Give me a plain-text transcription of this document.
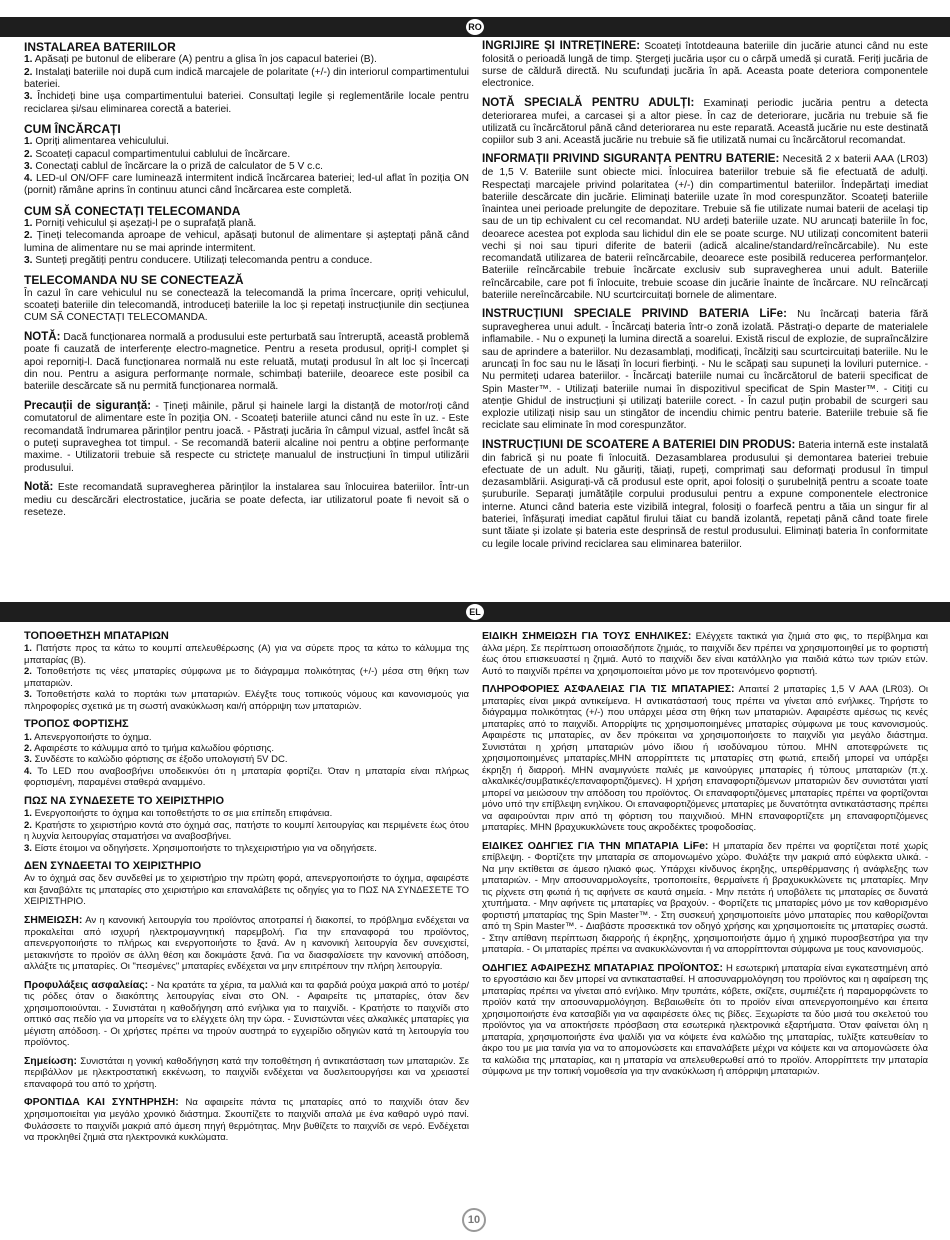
RO
INSTALAREA BATERIILOR
1. Apăsați pe butonul de eliberare (A) pentru a glisa în jos capacul bateriei (B).
2. Instalați bateriile noi după cum indică marcajele de polaritate (+/-) din interiorul compartimentului bateriei.
3. Închideți bine ușa compartimentului bateriei. Consultați legile și reglementările locale pentru reciclarea și/sau eliminarea corectă a bateriei.
CUM ÎNCĂRCAȚI
1. Opriți alimentarea vehiculului.
2. Scoateți capacul compartimentului cablului de încărcare.
3. Conectați cablul de încărcare la o priză de calculator de 5 V c.c.
4. LED-ul ON/OFF care luminează intermitent indică încărcarea bateriei; led-ul aflat în poziția ON (pornit) rămâne aprins în continuu atunci când încărcarea este completă.
CUM SĂ CONECTAȚI TELECOMANDA
1. Porniți vehiculul și așezați-l pe o suprafață plană.
2. Țineți telecomanda aproape de vehicul, apăsați butonul de alimentare și așteptați până când lumina de alimentare nu se mai aprinde intermitent.
3. Sunteți pregătiți pentru conducere. Utilizați telecomanda pentru a conduce.
TELECOMANDA NU SE CONECTEAZĂ

În cazul în care vehiculul nu se conectează la telecomandă la prima încercare, opriți vehiculul, scoateți bateriile din telecomandă, introduceți bateriile la loc și repetați instrucțiunile din secțiunea CUM SĂ CONECTAȚI TELECOMANDA.

NOTĂ: Dacă funcționarea normală a produsului este perturbată sau întreruptă, această problemă poate fi cauzată de interferențe electro-magnetice. Pentru a reseta produsul, opriți-l complet și apoi reporniți-l. Dacă funcționarea normală nu este reluată, mutați produsul în alt loc și încercați din nou. Pentru a asigura performanțe normale, schimbați bateriile, deoarece este posibil ca bateriile descărcate să nu permită funcționarea normală.

Precauții de siguranță: - Țineți mâinile, părul și hainele largi la distanță de motor/roți când comutatorul de alimentare este în poziția ON. - Scoateți bateriile atunci când nu este în uz. - Este recomandată îndrumarea părinților pentru joacă. - Păstrați jucăria în câmpul vizual, astfel încât să o puteți supraveghea tot timpul. - Se recomandă baterii alcaline noi pentru a obține performanțe maxime. - Utilizatorii trebuie să respecte cu strictețe manualul de instrucțiuni în timpul utilizării produsului.

Notă: Este recomandată supravegherea părinților la instalarea sau înlocuirea bateriilor. Într-un mediu cu descărcări electrostatice, jucăria se poate defecta, iar utilizatorul poate fi nevoit să o reseteze.

ÎNGRIJIRE ȘI ÎNTREȚINERE: Scoateți întotdeauna bateriile din jucărie atunci când nu este folosită o perioadă lungă de timp. Ștergeți jucăria ușor cu o cârpă umedă și curată. Feriți jucăria de surse de căldură directă. Nu scufundați jucăria în apă. Aceasta poate deteriora componentele electronice.

NOTĂ SPECIALĂ PENTRU ADULȚI: Examinați periodic jucăria pentru a detecta deteriorarea mufei, a carcasei și a altor piese. În caz de deteriorare, jucăria nu trebuie să fie utilizată cu încărcătorul până când deteriorarea nu este reparată. Această jucărie nu este destinată copiilor sub 3 ani. Această jucărie nu trebuie să fie utilizată numai cu încărcătorul recomandat.

INFORMAȚII PRIVIND SIGURANȚA PENTRU BATERIE: Necesită 2 x baterii AAA (LR03) de 1,5 V. Bateriile sunt obiecte mici. Înlocuirea bateriilor trebuie să fie efectuată de adulți. Respectați marcajele privind polaritatea (+/-) din compartimentul bateriilor. Îndepărtați imediat bateriile descărcate din jucărie. Eliminați bateriile uzate în mod corespunzător. Scoateți bateriile înaintea unei perioade prelungite de depozitare. Trebuie să fie utilizate numai baterii de același tip sau de un tip echivalent cu cel recomandat. NU ardeți bateriile uzate. NU aruncați bateriile în foc, deoarece acestea pot exploda sau lichidul din ele se poate scurge. NU utilizați concomitent baterii vechi și noi sau tipuri diferite de baterii (adică alcaline/standard/reîncărcabile). Nu este recomandată utilizarea de baterii reîncărcabile, deoarece este posibilă reducerea performanțelor. Bateriile reîncărcabile trebuie încărcate exclusiv sub supravegherea unui adult. Bateriile reîncărcabile, care pot fi înlocuite, trebuie scoase din jucărie înainte de încărcare. NU reîncărcați bateriile nereîncărcabile. NU scurtcircuitați bornele de alimentare.

INSTRUCȚIUNI SPECIALE PRIVIND BATERIA LiFe: Nu încărcați bateria fără supravegherea unui adult. - Încărcați bateria într-o zonă izolată. Păstrați-o departe de materialele inflamabile. - Nu o expuneți la lumina directă a soarelui. Există riscul de explozie, de supraîncălzire sau de aprindere a bateriilor. Nu dezasamblați, modificați, încălziți sau scurtcircuitați bateriile. Nu le aruncați în foc sau nu le lăsați în locuri fierbinți. - Nu le scăpați sau supuneți la loviluri puternice. - Nu permiteți udarea bateriilor. - Încărcați bateriile numai cu încărcătorul de baterii specificat de Spin Master™. - Utilizați bateriile numai în dispozitivul specificat de Spin Master™. - Citiți cu atenție Ghidul de instrucțiuni și utilizați bateriile corect. - În cazul puțin probabil de scurgeri sau explozie utilizați nisip sau un stingător de incendiu chimic pentru baterie. Bateriile trebuie să fie reciclate sau eliminate în mod corespunzător.

INSTRUCȚIUNI DE SCOATERE A BATERIEI DIN PRODUS: Bateria internă este instalată din fabrică și nu poate fi înlocuită. Dezasamblarea produsului și demontarea bateriei trebuie efectuate de un adult. Nu găuriți, tăiați, rupeți, comprimați sau deformați produsul în timpul dezasamblării. Asigurați-vă că produsul este oprit, apoi folosiți o șurubelniță pentru a scoate toate șuruburile. Separați jumătățile corpului produsului pentru a expune componentele electronice interne. Atunci când bateria este vizibilă integral, folosiți o foarfecă pentru a tăia un singur fir al bateriei, înfășurați imediat capătul firului tăiat cu bandă izolantă, repetați până când toate firele sunt tăiate și izolate și bateria este desprinsă de restul produsului. Eliminați bateria în conformitate cu legile locale privind reciclarea sau eliminarea bateriilor.

EL
ΤΟΠΟΘΕΤΗΣΗ ΜΠΑΤΑΡΙΩΝ
1. Πατήστε προς τα κάτω το κουμπί απελευθέρωσης (A) για να σύρετε προς τα κάτω το κάλυμμα της μπαταρίας (B).
2. Τοποθετήστε τις νέες μπαταρίες σύμφωνα με το διάγραμμα πολικότητας (+/-) μέσα στη θήκη των μπαταριών.
3. Τοποθετήστε καλά το πορτάκι των μπαταριών. Ελέγξτε τους τοπικούς νόμους και κανονισμούς για πληροφορίες σχετικά με τη σωστή ανακύκλωση και/ή απόρριψη των μπαταριών.
ΤΡΟΠΟΣ ΦΟΡΤΙΣΗΣ
1. Απενεργοποιήστε το όχημα.
2. Αφαιρέστε το κάλυμμα από το τμήμα καλωδίου φόρτισης.
3. Συνδέστε το καλώδιο φόρτισης σε έξοδο υπολογιστή 5V DC.
4. Το LED που αναβοσβήνει υποδεικνύει ότι η μπαταρία φορτίζει. Όταν η μπαταρία είναι πλήρως φορτισμένη, παραμένει σταθερά αναμμένο.
ΠΩΣ ΝΑ ΣΥΝΔΕΣΕΤΕ ΤΟ ΧΕΙΡΙΣΤΗΡΙΟ
1. Ενεργοποιήστε το όχημα και τοποθετήστε το σε μια επίπεδη επιφάνεια.
2. Κρατήστε το χειριστήριο κοντά στο όχημά σας, πατήστε το κουμπί λειτουργίας και περιμένετε έως ότου η λυχνία λειτουργίας σταματήσει να αναβοσβήνει.
3. Είστε έτοιμοι να οδηγήσετε. Χρησιμοποιήστε το τηλεχειριστήριο για να οδηγήσετε.
ΔΕΝ ΣΥΝΔΕΕΤΑΙ ΤΟ ΧΕΙΡΙΣΤΗΡΙΟ

Αν το όχημά σας δεν συνδεθεί με το χειριστήριο την πρώτη φορά, απενεργοποιήστε το όχημα, αφαιρέστε και ξαναβάλτε τις μπαταρίες στο χειριστήριο και επαναλάβετε τις οδηγίες για το ΠΩΣ ΝΑ ΣΥΝΔΕΣΕΤΕ ΤΟ ΧΕΙΡΙΣΤΗΡΙΟ.

ΣΗΜΕΙΩΣΗ: Αν η κανονική λειτουργία του προϊόντος αποτραπεί ή διακοπεί, το πρόβλημα ενδέχεται να προκαλείται από ισχυρή ηλεκτρομαγνητική παρεμβολή. Για την επαναφορά του προϊόντος, απενεργοποιήστε το πλήρως και ενεργοποιήστε το ξανά. Αν η κανονική λειτουργία δεν συνεχιστεί, μετακινήστε το προϊόν σε άλλη θέση και δοκιμάστε ξανά. Για να διασφαλίσετε την κανονική απόδοση, αλλάξτε τις μπαταρίες. Οι "πεσμένες" μπαταρίες ενδέχεται να μην επιτρέπουν την πλήρη λειτουργία.

Προφυλάξεις ασφαλείας: - Να κρατάτε τα χέρια, τα μαλλιά και τα φαρδιά ρούχα μακριά από το μοτέρ/ τις ρόδες όταν ο διακόπτης λειτουργίας είναι στο ON. - Αφαιρείτε τις μπαταρίες, όταν δεν χρησιμοποιούνται. - Συνιστάται η καθοδήγηση από ενήλικα για το παιχνίδι. - Κρατήστε το παιχνίδι στο οπτικό σας πεδίο για να μπορείτε να το ελέγχετε όλη την ώρα. - Συνιστώνται νέες αλκαλικές μπαταρίες για μέγιστη απόδοση. - Οι χρήστες πρέπει να τηρούν αυστηρά το εγχειρίδιο οδηγιών κατά τη λειτουργία του προϊόντος.

Σημείωση: Συνιστάται η γονική καθοδήγηση κατά την τοποθέτηση ή αντικατάσταση των μπαταριών. Σε περιβάλλον με ηλεκτροστατική εκκένωση, το παιχνίδι ενδέχεται να δυσλειτουργήσει και να χρειαστεί επαναφορά του από το χρήστη.

ΦΡΟΝΤΙΔΑ ΚΑΙ ΣΥΝΤΗΡΗΣΗ: Να αφαιρείτε πάντα τις μπαταρίες από το παιχνίδι όταν δεν χρησιμοποιείται για μεγάλο χρονικό διάστημα. Σκουπίζετε το παιχνίδι απαλά με ένα καθαρό υγρό πανί. Φυλάσσετε το παιχνίδι μακριά από άμεση πηγή θερμότητας. Μην βυθίζετε το παιχνίδι σε νερό. Ενδέχεται να προκληθεί ζημιά στα ηλεκτρονικά κυκλώματα.

ΕΙΔΙΚΗ ΣΗΜΕΙΩΣΗ ΓΙΑ ΤΟΥΣ ΕΝΗΛΙΚΕΣ: Ελέγχετε τακτικά για ζημιά στο φις, το περίβλημα και άλλα μέρη. Σε περίπτωση οποιασδήποτε ζημιάς, το παιχνίδι δεν πρέπει να χρησιμοποιηθεί με το φορτιστή έως ότου επισκευαστεί η ζημιά. Αυτό το παιχνίδι δεν είναι κατάλληλο για παιδιά κάτω των τριών ετών. Αυτό το παιχνίδι πρέπει να χρησιμοποιείται μόνο με τον προτεινόμενο φορτιστή.

ΠΛΗΡΟΦΟΡΙΕΣ ΑΣΦΑΛΕΙΑΣ ΓΙΑ ΤΙΣ ΜΠΑΤΑΡΙΕΣ: Απαιτεί 2 μπαταρίες 1,5 V AAA (LR03). Οι μπαταρίες είναι μικρά αντικείμενα. Η αντικατάστασή τους πρέπει να γίνεται από ενήλικες. Τηρήστε το διάγραμμα πολικότητας (+/-) που υπάρχει μέσα στη θήκη των μπαταριών. Αφαιρέστε αμέσως τις κενές μπαταρίες από το παιχνίδι. Απορρίψτε τις χρησιμοποιημένες μπαταρίες σύμφωνα με τους κανονισμούς. Αφαιρέστε τις μπαταρίες, αν δεν πρόκειται να χρησιμοποιήσετε το παιχνίδι για μεγάλο διάστημα. Συνιστάται η χρήση μπαταριών μόνο ίδιου ή ισοδύναμου τύπου. ΜΗΝ αποτεφρώνετε τις χρησιμοποιημένες μπαταρίες.ΜΗΝ απορρίπτετε τις μπαταρίες στη φωτιά, επειδή μπορεί να υπάρξει έκρηξη ή διαρροή. ΜΗΝ αναμιγνύετε παλιές με καινούργιες μπαταρίες ή τύπους μπαταριών (π.χ. αλκαλικές/συμβατικές/επαναφορτιζόμενες). Η χρήση επαναφορτιζόμενων μπαταριών δεν συνιστάται γιατί μπορεί να μειώσουν την απόδοση του προϊόντος. Οι επαναφορτιζόμενες μπαταρίες πρέπει να φορτίζονται μόνο υπό την επίβλεψη ενηλίκου. Οι επαναφορτιζόμενες μπαταρίες με δυνατότητα αντικατάστασης πρέπει να αφαιρούνται πριν από τη φόρτιση του παιχνιδιού. ΜΗΝ επαναφορτίζετε μη επαναφορτιζόμενες μπαταρίες. ΜΗΝ βραχυκυκλώνετε τους ακροδέκτες τροφοδοσίας.

ΕΙΔΙΚΕΣ ΟΔΗΓΙΕΣ ΓΙΑ ΤΗΝ ΜΠΑΤΑΡΙΑ LiFe: Η μπαταρία δεν πρέπει να φορτίζεται ποτέ χωρίς επίβλεψη. - Φορτίζετε την μπαταρία σε απομονωμένο χώρο. Φυλάξτε την μακριά από εύφλεκτα υλικά. - Να μην εκτίθεται σε άμεσο ηλιακό φως. Υπάρχει κίνδυνος έκρηξης, υπερθέρμανσης ή ανάφλεξης των μπαταριών. - Μην αποσυναρμολογείτε, τροποποιείτε, θερμαίνετε ή βραχυκυκλώνετε τις μπαταρίες. Μην τις ρίχνετε στη φωτιά ή τις αφήνετε σε καυτά σημεία. - Μην πετάτε ή υποβάλετε τις μπαταρίες σε δυνατά χτυπήματα. - Μην αφήνετε τις μπαταρίες να βραχούν. - Φορτίζετε τις μπαταρίες μόνο με τον καθορισμένο φορτιστή μπαταρίας της Spin Master™. - Στη συσκευή χρησιμοποιείτε μόνο μπαταρίες που καθορίζονται από τη Spin Master™. - Διαβάστε προσεκτικά τον οδηγό χρήσης και χρησιμοποιείτε τις μπαταρίες σωστά. - Στην απίθανη περίπτωση διαρροής ή έκρηξης, χρησιμοποιήστε άμμο ή χημικό πυροσβεστήρα για την μπαταρία. - Οι μπαταρίες πρέπει να ανακυκλώνονται ή να απορρίπτονται σύμφωνα με τους κανονισμούς.

ΟΔΗΓΙΕΣ ΑΦΑΙΡΕΣΗΣ ΜΠΑΤΑΡΙΑΣ ΠΡΟΪΟΝΤΟΣ: Η εσωτερική μπαταρία είναι εγκατεστημένη από το εργοστάσιο και δεν μπορεί να αντικατασταθεί. Η αποσυναρμολόγηση του προϊόντος και η αφαίρεση της μπαταρίας πρέπει να γίνεται από ενήλικο. Μην τρυπάτε, κόβετε, σκίζετε, συμπιέζετε ή παραμορφώνετε το προϊόν κατά την αποσυναρμολόγηση. Βεβαιωθείτε ότι το προϊόν είναι απενεργοποιημένο και έπειτα χρησιμοποιήστε ένα κατσαβίδι για να αφαιρέσετε όλες τις βίδες. Ξεχωρίστε τα δύο μισά του σκελετού του προϊόντος για να αποκτήσετε πρόσβαση στα εσωτερικά ηλεκτρονικά εξαρτήματα. Όταν φαίνεται όλη η μπαταρία, χρησιμοποιήστε ένα ψαλίδι για να κόψετε ένα καλώδιο της μπαταρίας, τυλίξτε κατευθείαν το άκρο του με μια ταινία για να το απομονώσετε και επαναλάβετε μέχρι να κόψετε και να απομονώσετε όλα τα καλώδια της μπαταρίας, και η μπαταρία να απελευθερωθεί από το προϊόν. Απορρίπτετε την μπαταρία σύμφωνα με την τοπική νομοθεσία για την ανακύκλωση ή απόρριψη μπαταριών.

10
